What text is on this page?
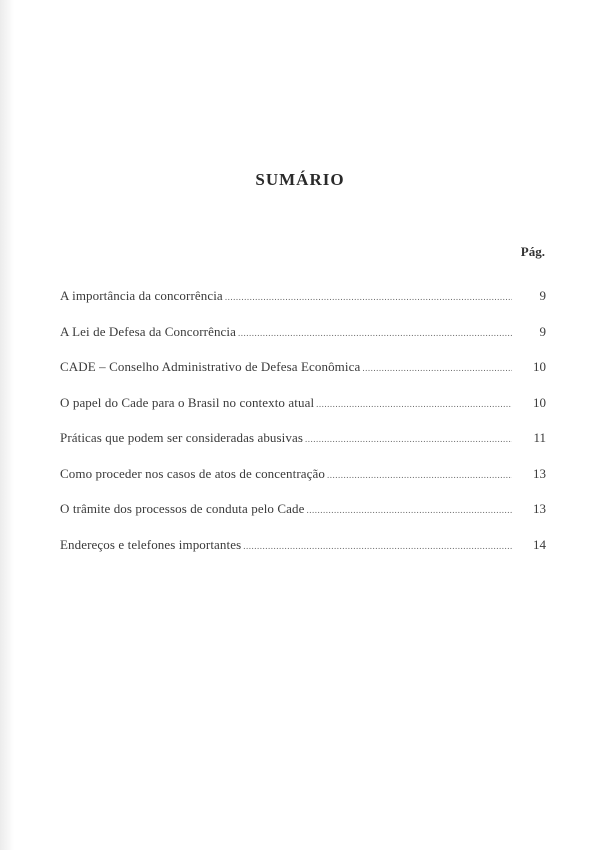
SUMÁRIO
Pág.
A importância da concorrência .....	9
A Lei de Defesa da Concorrência .....	9
CADE – Conselho Administrativo de Defesa Econômica .....	10
O papel do Cade para o Brasil no contexto atual .....	10
Práticas que podem ser consideradas abusivas .....	11
Como proceder nos casos de atos de concentração .....	13
O trâmite dos processos de conduta pelo Cade .....	13
Endereços e telefones importantes .....	14
